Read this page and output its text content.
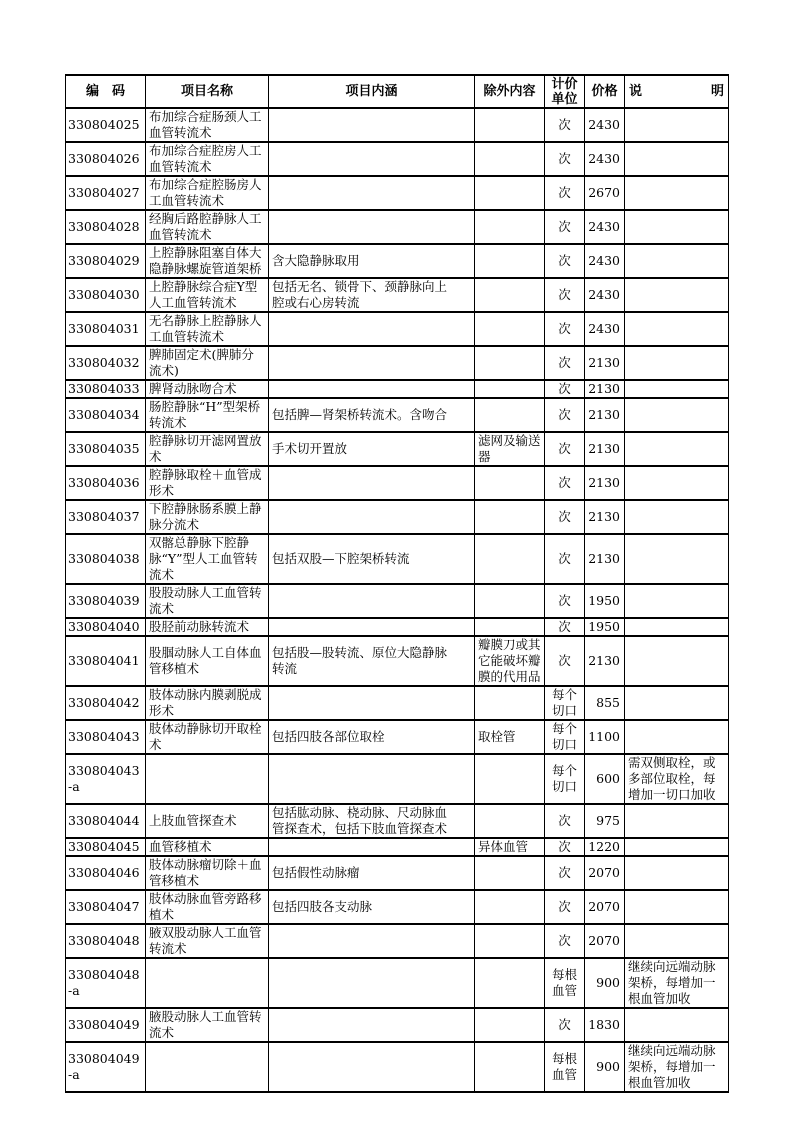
编　码	项目名称	项目内涵	除外内容	计价单位	价格	说 明

330804025	布加综合症肠颈人工血管转流术			次	2430	
330804026	布加综合症腔房人工血管转流术			次	2430	
330804027	布加综合症腔肠房人工血管转流术			次	2670	
330804028	经胸后路腔静脉人工血管转流术			次	2430	
330804029	上腔静脉阻塞自体大隐静脉螺旋管道架桥	含大隐静脉取用		次	2430	
330804030	上腔静脉综合症Y型人工血管转流术	包括无名、锁骨下、颈静脉向上腔或右心房转流		次	2430	
330804031	无名静脉上腔静脉人工血管转流术			次	2430	
330804032	脾肺固定术(脾肺分流术)			次	2130	
330804033	脾肾动脉吻合术			次	2130	
330804034	肠腔静脉“H”型架桥转流术	包括脾—肾架桥转流术。含吻合		次	2130	
330804035	腔静脉切开滤网置放术	手术切开置放	滤网及输送器	次	2130	
330804036	腔静脉取栓＋血管成形术			次	2130	
330804037	下腔静脉肠系膜上静脉分流术			次	2130	
330804038	双髂总静脉下腔静脉“Y”型人工血管转流术	包括双股—下腔架桥转流		次	2130	
330804039	股股动脉人工血管转流术			次	1950	
330804040	股胫前动脉转流术			次	1950	
330804041	股腘动脉人工自体血管移植术	包括股—股转流、原位大隐静脉转流	瓣膜刀或其它能破坏瓣膜的代用品	次	2130	
330804042	肢体动脉内膜剥脱成形术			每个切口	855	
330804043	肢体动静脉切开取栓术	包括四肢各部位取栓	取栓管	每个切口	1100	
330804043-a				每个切口	600	需双侧取栓，或多部位取栓，每增加一切口加收
330804044	上肢血管探查术	包括肱动脉、桡动脉、尺动脉血管探查术，包括下肢血管探查术		次	975	
330804045	血管移植术		异体血管	次	1220	
330804046	肢体动脉瘤切除＋血管移植术	包括假性动脉瘤		次	2070	
330804047	肢体动脉血管旁路移植术	包括四肢各支动脉		次	2070	
330804048	腋双股动脉人工血管转流术			次	2070	
330804048-a				每根血管	900	继续向远端动脉架桥，每增加一根血管加收
330804049	腋股动脉人工血管转流术			次	1830	
330804049-a				每根血管	900	继续向远端动脉架桥，每增加一根血管加收
